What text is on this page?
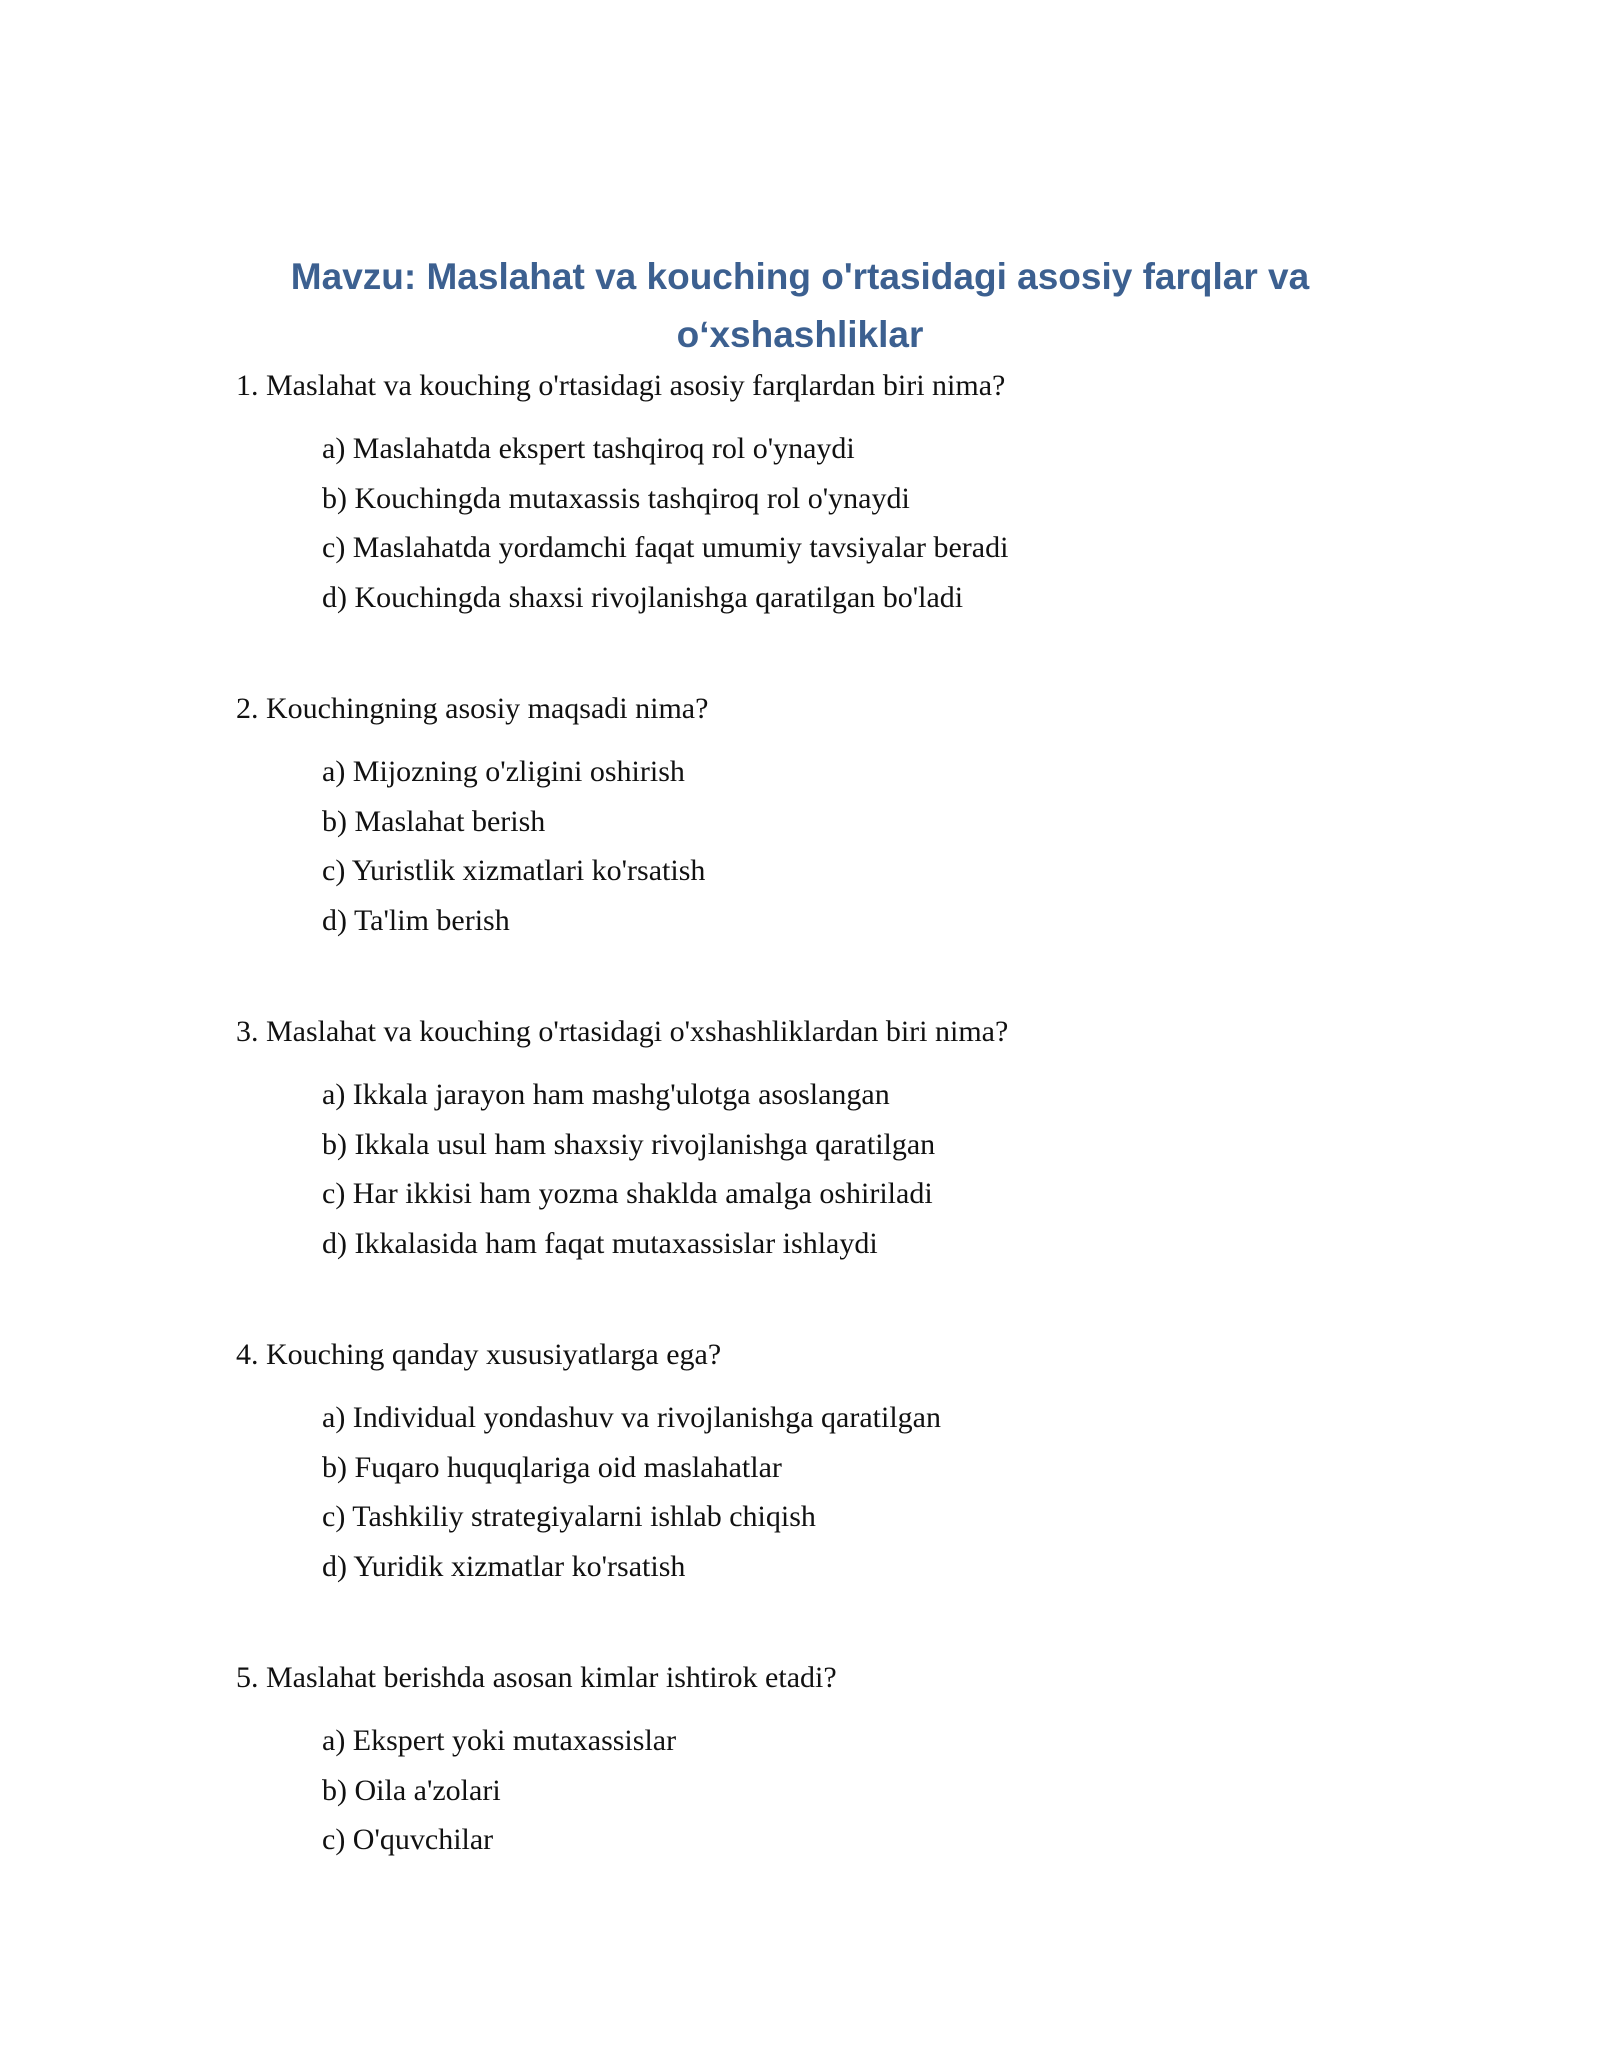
Mavzu: Maslahat va kouching o'rtasidagi asosiy farqlar va o‘xshashliklar

1. Maslahat va kouching o'rtasidagi asosiy farqlardan biri nima?

a) Maslahatda ekspert tashqiroq rol o'ynaydi
b) Kouchingda mutaxassis tashqiroq rol o'ynaydi
c) Maslahatda yordamchi faqat umumiy tavsiyalar beradi
d) Kouchingda shaxsi rivojlanishga qaratilgan bo'ladi

2. Kouchingning asosiy maqsadi nima?

a) Mijozning o'zligini oshirish
b) Maslahat berish
c) Yuristlik xizmatlari ko'rsatish
d) Ta'lim berish

3. Maslahat va kouching o'rtasidagi o'xshashliklardan biri nima?

a) Ikkala jarayon ham mashg'ulotga asoslangan
b) Ikkala usul ham shaxsiy rivojlanishga qaratilgan
c) Har ikkisi ham yozma shaklda amalga oshiriladi
d) Ikkalasida ham faqat mutaxassislar ishlaydi

4. Kouching qanday xususiyatlarga ega?

a) Individual yondashuv va rivojlanishga qaratilgan
b) Fuqaro huquqlariga oid maslahatlar
c) Tashkiliy strategiyalarni ishlab chiqish
d) Yuridik xizmatlar ko'rsatish

5. Maslahat berishda asosan kimlar ishtirok etadi?

a) Ekspert yoki mutaxassislar
b) Oila a'zolari
c) O'quvchilar
